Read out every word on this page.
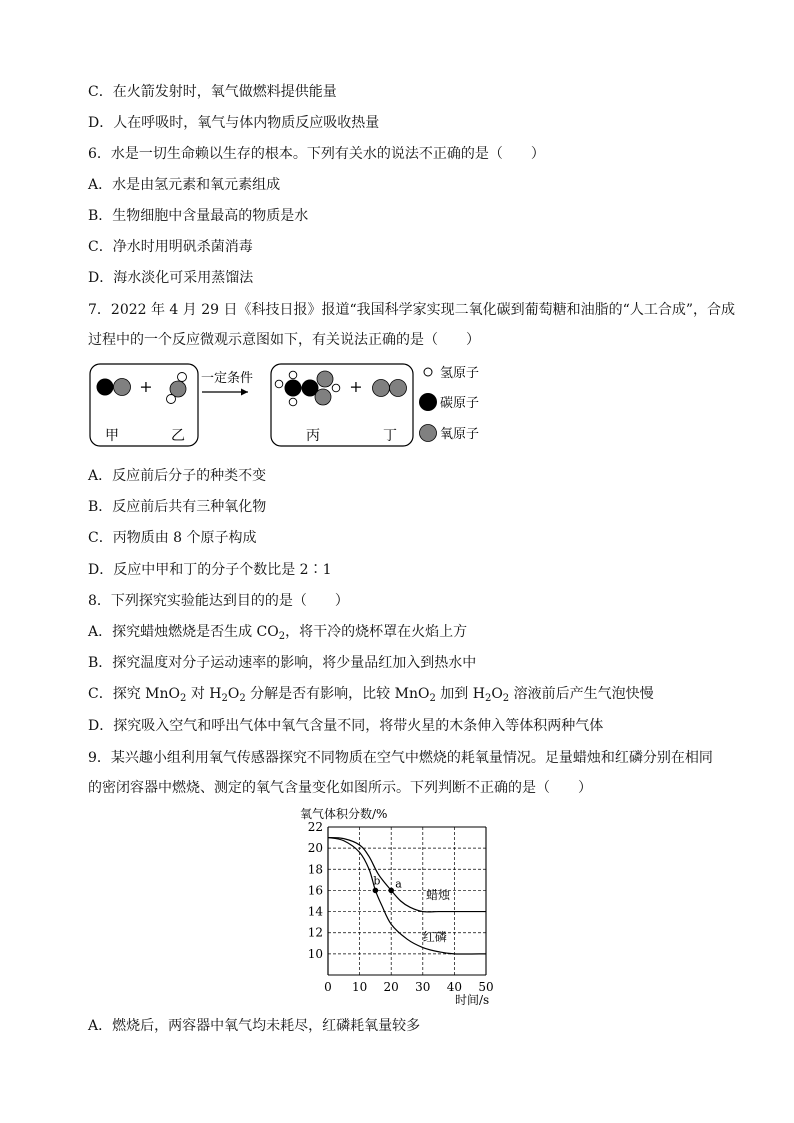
C．在火箭发射时，氧气做燃料提供能量
D．人在呼吸时，氧气与体内物质反应吸收热量
6．水是一切生命赖以生存的根本。下列有关水的说法不正确的是（　　）
A．水是由氢元素和氧元素组成
B．生物细胞中含量最高的物质是水
C．净水时用明矾杀菌消毒
D．海水淡化可采用蒸馏法
7．2022 年 4 月 29 日《科技日报》报道“我国科学家实现二氧化碳到葡萄糖和油脂的“人工合成”，合成
过程中的一个反应微观示意图如下，有关说法正确的是（　　）
+
甲	乙
一定条件	+
丙	丁
氢原子
碳原子
氧原子
A．反应前后分子的种类不变
B．反应前后共有三种氧化物
C．丙物质由 8 个原子构成
D．反应中甲和丁的分子个数比是 2∶1
8．下列探究实验能达到目的的是（　　）
A．探究蜡烛燃烧是否生成 $CO_2$，将干冷的烧杯罩在火焰上方
B．探究温度对分子运动速率的影响，将少量品红加入到热水中
C．探究 MnO$_2$ 对 $H_2O_2$ 分解是否有影响，比较 MnO$_2$ 加到 $H_2O_2$ 溶液前后产生气泡快慢
D．探究吸入空气和呼出气体中氧气含量不同，将带火星的木条伸入等体积两种气体
9．某兴趣小组利用氧气传感器探究不同物质在空气中燃烧的耗氧量情况。足量蜡烛和红磷分别在相同
的密闭容器中燃烧、测定的氧气含量变化如图所示。下列判断不正确的是（　　）
氧气体积分数/%
时间/s
0 10 20 30 40 50
10
12
14
16
18
20
22
蜡烛
红磷
a
b
A．燃烧后，两容器中氧气均未耗尽，红磷耗氧量较多
